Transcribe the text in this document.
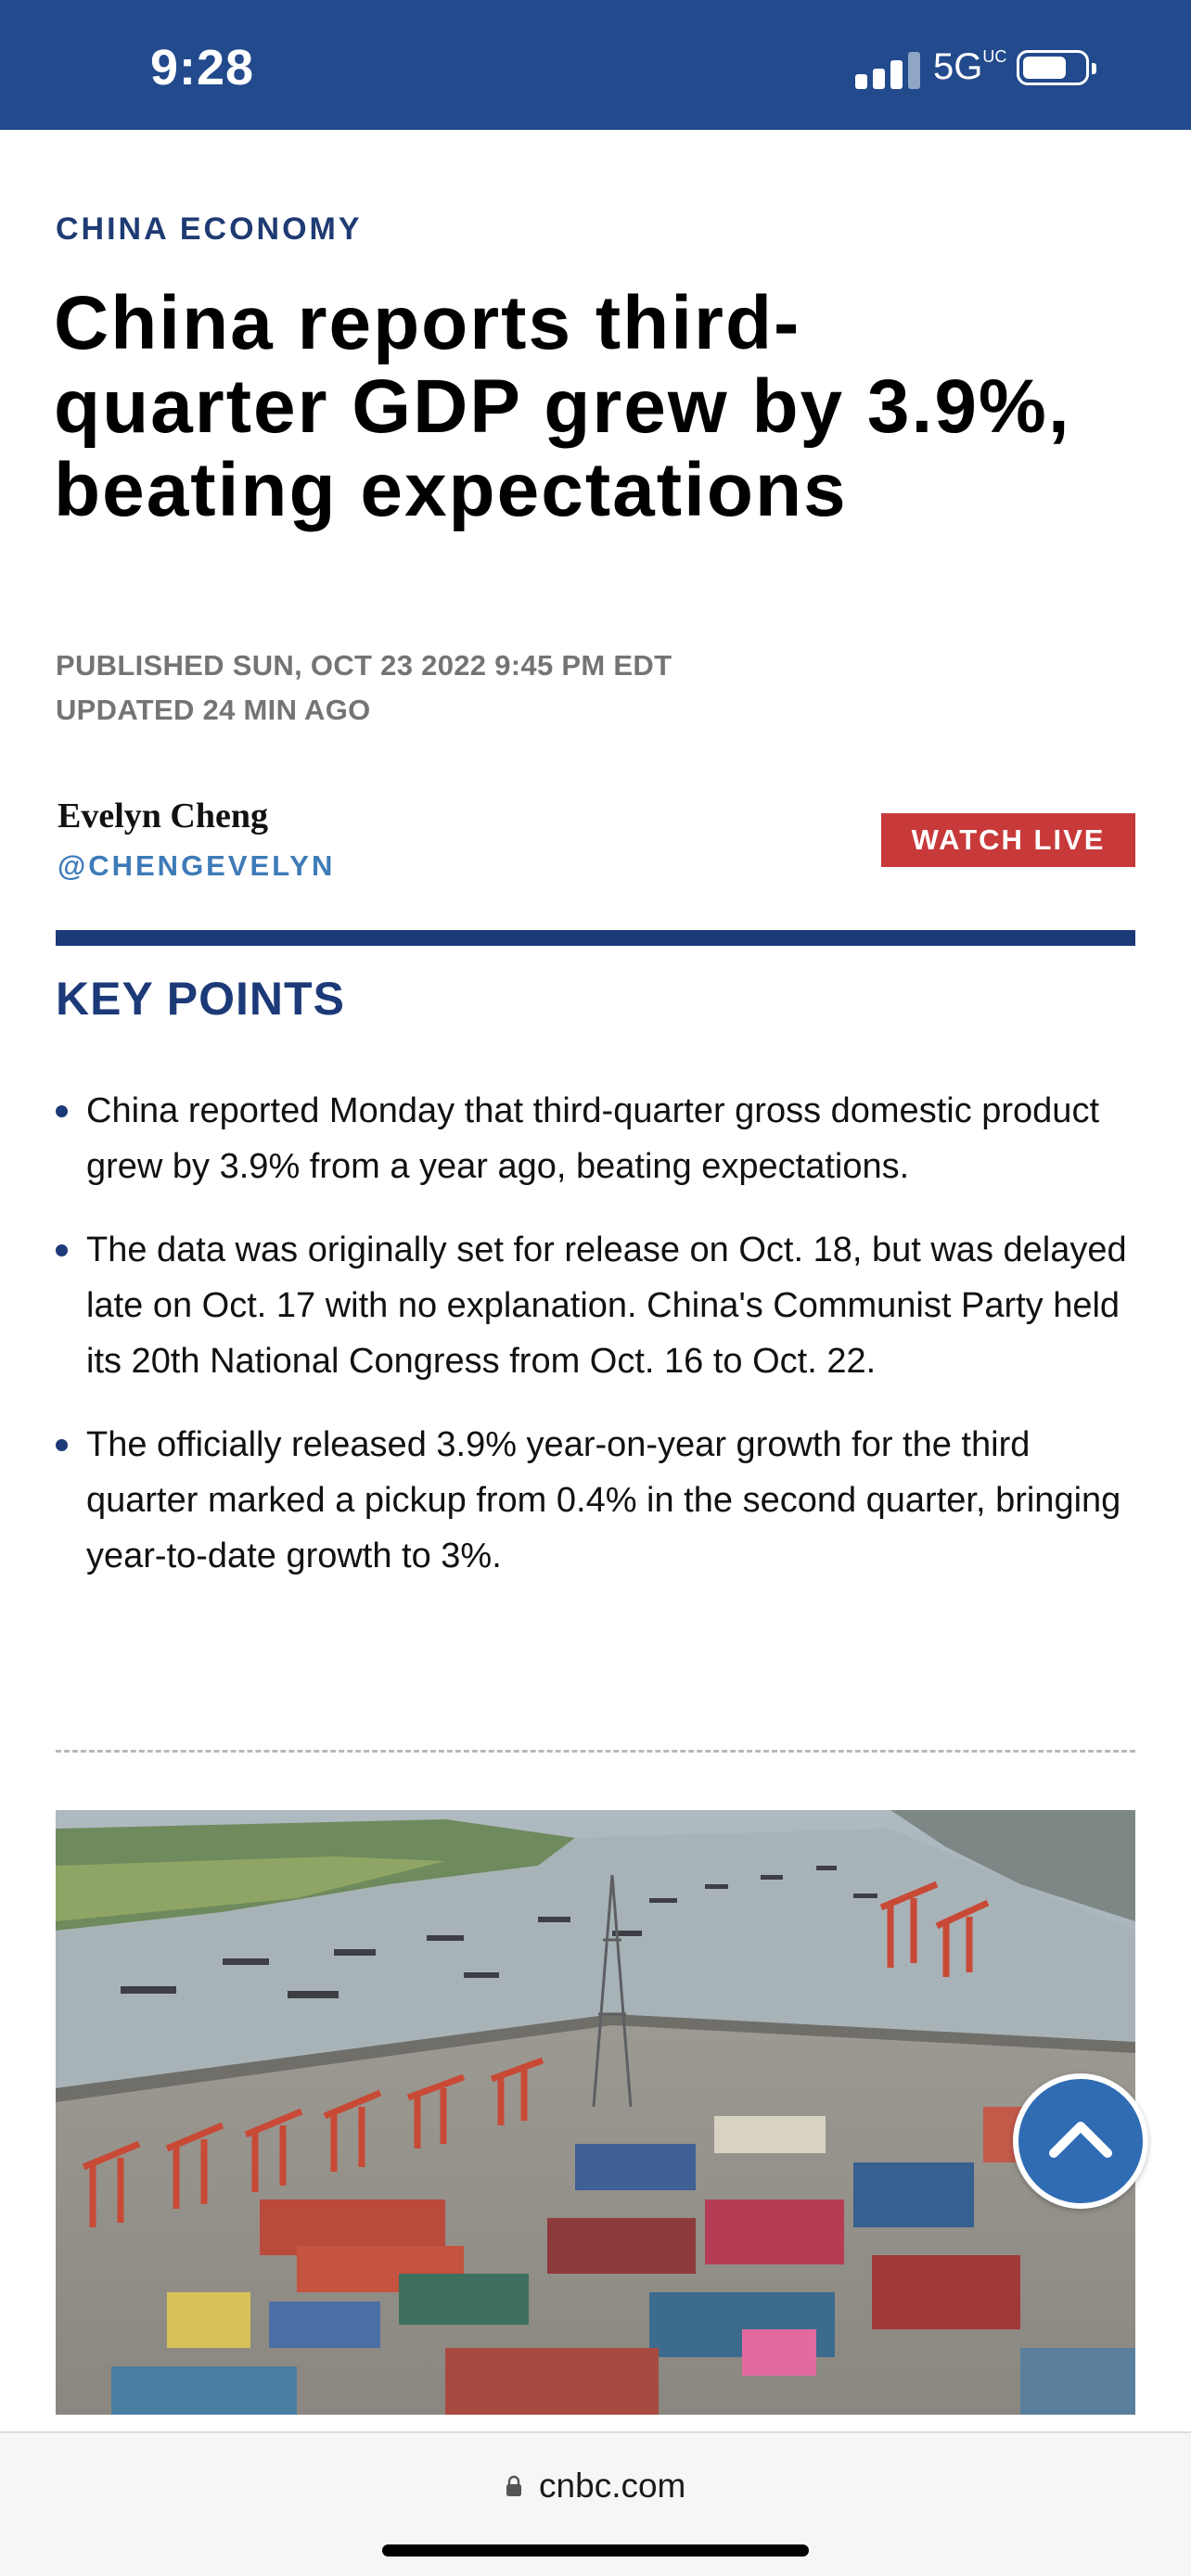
9:28	$5G^{UC}$
CHINA ECONOMY
China reports third-quarter GDP grew by 3.9%, beating expectations
PUBLISHED SUN, OCT 23 2022 9:45 PM EDT
UPDATED 24 MIN AGO
Evelyn Cheng
@CHENGEVELYN
WATCH LIVE
KEY POINTS
China reported Monday that third-quarter gross domestic product grew by 3.9% from a year ago, beating expectations.
The data was originally set for release on Oct. 18, but was delayed late on Oct. 17 with no explanation. China's Communist Party held its 20th National Congress from Oct. 16 to Oct. 22.
The officially released 3.9% year-on-year growth for the third quarter marked a pickup from 0.4% in the second quarter, bringing year-to-date growth to 3%.
cnbc.com
